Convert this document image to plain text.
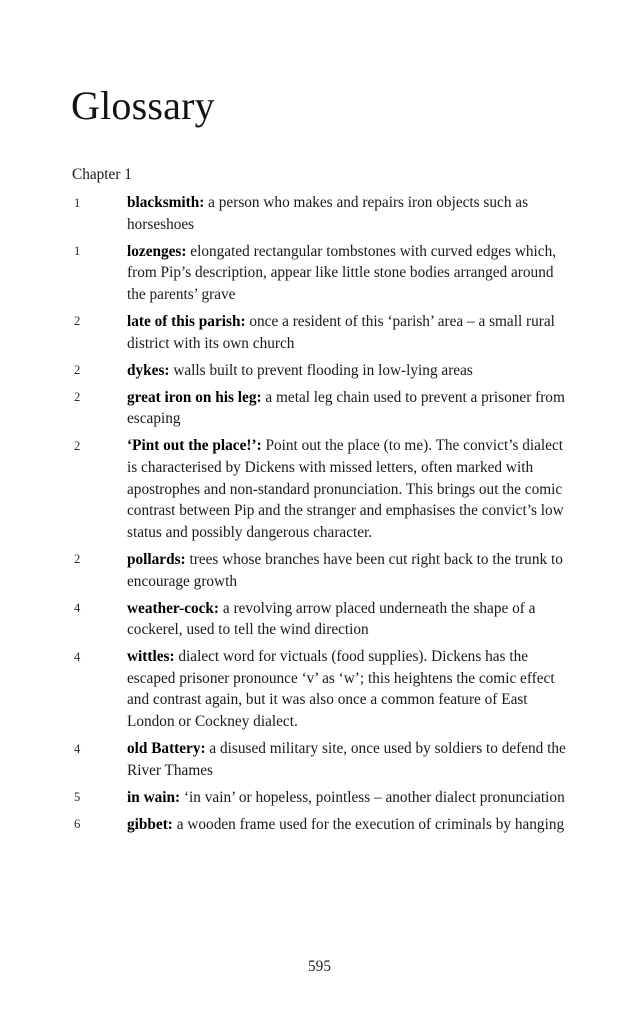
Glossary
Chapter 1
1	blacksmith: a person who makes and repairs iron objects such as horseshoes
1	lozenges: elongated rectangular tombstones with curved edges which, from Pip’s description, appear like little stone bodies arranged around the parents’ grave
2	late of this parish: once a resident of this ‘parish’ area – a small rural district with its own church
2	dykes: walls built to prevent flooding in low-lying areas
2	great iron on his leg: a metal leg chain used to prevent a prisoner from escaping
2	‘Pint out the place!’: Point out the place (to me). The convict’s dialect is characterised by Dickens with missed letters, often marked with apostrophes and non-standard pronunciation. This brings out the comic contrast between Pip and the stranger and emphasises the convict’s low status and possibly dangerous character.
2	pollards: trees whose branches have been cut right back to the trunk to encourage growth
4	weather-cock: a revolving arrow placed underneath the shape of a cockerel, used to tell the wind direction
4	wittles: dialect word for victuals (food supplies). Dickens has the escaped prisoner pronounce ‘v’ as ‘w’; this heightens the comic effect and contrast again, but it was also once a common feature of East London or Cockney dialect.
4	old Battery: a disused military site, once used by soldiers to defend the River Thames
5	in wain: ‘in vain’ or hopeless, pointless – another dialect pronunciation
6	gibbet: a wooden frame used for the execution of criminals by hanging
595
